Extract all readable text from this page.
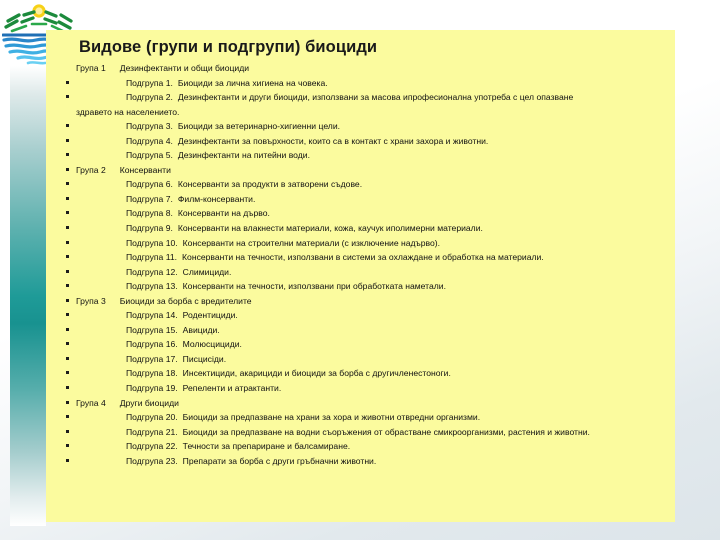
Видове (групи и подгрупи) биоциди
Група 1 Дезинфектанти и общи биоциди
Подгрупа 1. Биоциди за лична хигиена на човека.
Подгрупа 2. Дезинфектанти и други биоциди, използвани за масова ипрофесионална употреба с цел опазване
здравето на населението.
Подгрупа 3. Биоциди за ветеринарно-хигиенни цели.
Подгрупа 4. Дезинфектанти за повърхности, които са в контакт с храни захора и животни.
Подгрупа 5. Дезинфектанти на питейни води.
Група 2 Консерванти
Подгрупа 6. Консерванти за продукти в затворени съдове.
Подгрупа 7. Филм-консерванти.
Подгрупа 8. Консерванти на дърво.
Подгрупа 9. Консерванти на влакнести материали, кожа, каучук иполимерни материали.
Подгрупа 10. Консерванти на строителни материали (с изключение надърво).
Подгрупа 11. Консерванти на течности, използвани в системи за охлаждане и обработка на материали.
Подгрупа 12. Слимициди.
Подгрупа 13. Консерванти на течности, използвани при обработката наметали.
Група 3 Биоциди за борба с вредителите
Подгрупа 14. Родентициди.
Подгрупа 15. Авициди.
Подгрупа 16. Молюсцициди.
Подгрупа 17. Писциciди.
Подгрупа 18. Инсектициди, акарициди и биоциди за борба с другичленестоноги.
Подгрупа 19. Репеленти и атрактанти.
Група 4 Други биоциди
Подгрупа 20. Биоциди за предпазване на храни за хора и животни отвредни организми.
Подгрупа 21. Биоциди за предпазване на водни съоръжения от обрастване смикроорганизми, растения и животни.
Подгрупа 22. Течности за препариране и балсамиране.
Подгрупа 23. Препарати за борба с други гръбначни животни.
